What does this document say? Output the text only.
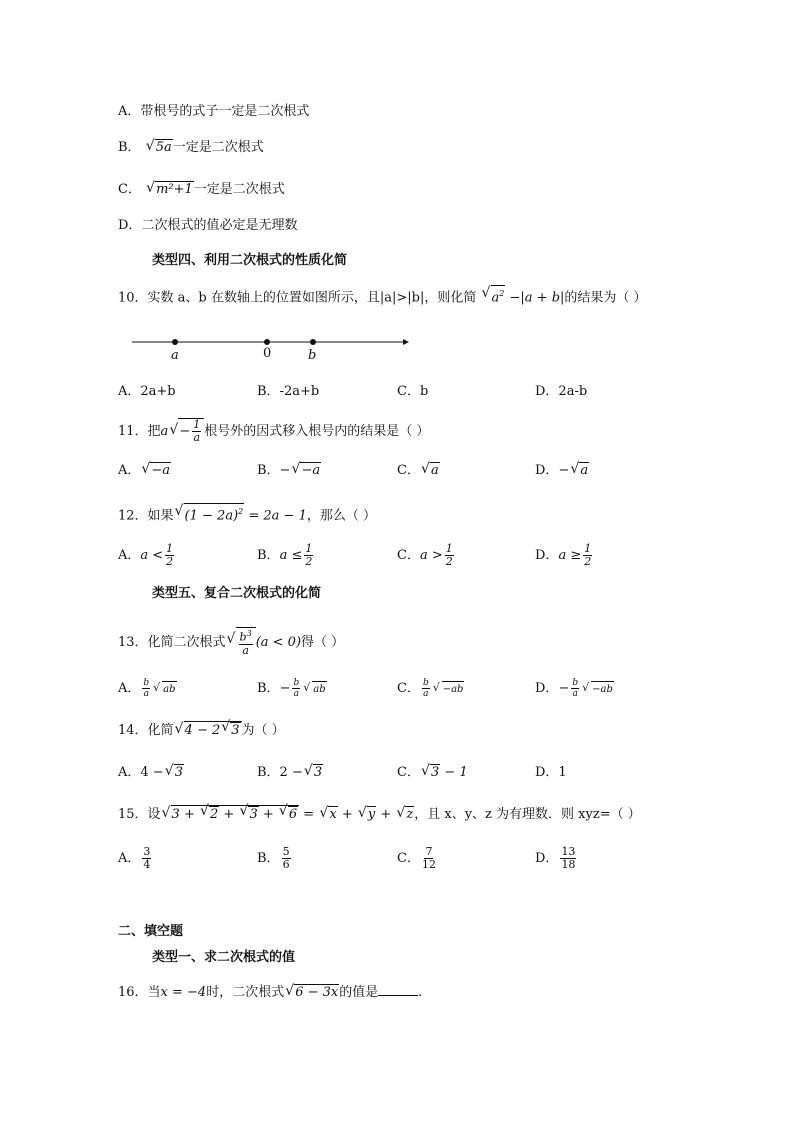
A．带根号的式子一定是二次根式
B． √ 5a一定是二次根式
C． √ m²+1一定是二次根式
D．二次根式的值必定是无理数
类型四、利用二次根式的性质化简
10．实数 a、b 在数轴上的位置如图所示，且|a|>|b|，则化简 √ $a^2 -|a + b|$的结果为（ ）
a	0	b
A．2a+b	B．-2a+b	C．b	D．2a-b
11．把a √ − $\frac{1}{a}$ 根号外的因式移入根号内的结果是（ ）
A． √ −a	B．− √ −a	C． √ a	D．− √ a
12．如果 √ $(1 - 2a)^2 = 2a - 1$，那么（ ）
A．$a < \frac{1}{2}$	B．$a \le \frac{1}{2}$	C．$a > \frac{1}{2}$	D．$a \ge \frac{1}{2}$
类型五、复合二次根式的化简
13．化简二次根式 √ $\frac{b^3}{a} (a < 0)$得（ ）
A． $\frac{b}{a}$ √ ab	B．− $\frac{b}{a}$ √ ab	C． $\frac{b}{a}$ √ −ab	D．− $\frac{b}{a}$ √ −ab
14．化简 √ 4 − 2 √ 3 为（ ）
A．4 − √ 3	B．2 − √ 3	C． √ 3 − 1	D．1
15．设 √ 3 + √ 2 + √ 3 + √ 6 = √ x + √ y + √ z，且 x、y、z 为有理数．则 xyz=（ ）
A． $\frac{3}{4}$	B． $\frac{5}{6}$	C． $\frac{7}{12}$	D． $\frac{13}{18}$
二、填空题
类型一、求二次根式的值
16．当x = −4时，二次根式 √ 6 − 3x的值是	.
